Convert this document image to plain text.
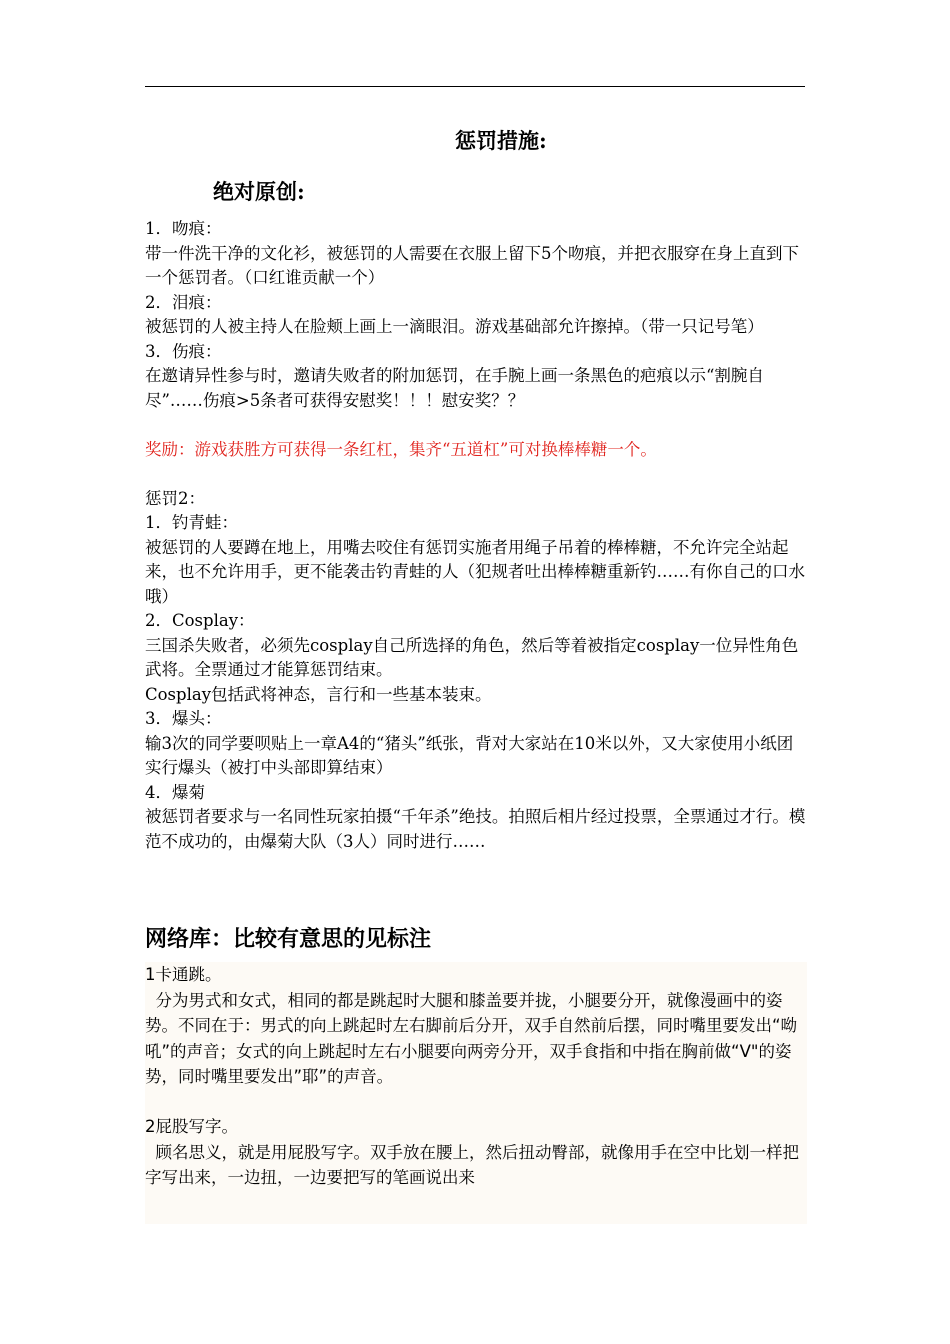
惩罚措施:
绝对原创:

1．吻痕：

带一件洗干净的文化衫，被惩罚的人需要在衣服上留下5个吻痕，并把衣服穿在身上直到下一个惩罚者。（口红谁贡献一个）

2．泪痕：

被惩罚的人被主持人在脸颊上画上一滴眼泪。游戏基础部允许擦掉。（带一只记号笔）

3．伤痕：

在邀请异性参与时，邀请失败者的附加惩罚，在手腕上画一条黑色的疤痕以示“割腕自尽”……伤痕>5条者可获得安慰奖！！！慰安奖？？

奖励：游戏获胜方可获得一条红杠，集齐“五道杠”可对换棒棒糖一个。

惩罚2：

1．钓青蛙：

被惩罚的人要蹲在地上，用嘴去咬住有惩罚实施者用绳子吊着的棒棒糖，不允许完全站起来，也不允许用手，更不能袭击钓青蛙的人（犯规者吐出棒棒糖重新钓……有你自己的口水哦）

2．Cosplay：

三国杀失败者，必须先cosplay自己所选择的角色，然后等着被指定cosplay一位异性角色武将。全票通过才能算惩罚结束。

Cosplay包括武将神态，言行和一些基本装束。

3．爆头：

输3次的同学要呗贴上一章A4的“猪头”纸张，背对大家站在10米以外，又大家使用小纸团实行爆头（被打中头部即算结束）

4．爆菊

被惩罚者要求与一名同性玩家拍摄“千年杀”绝技。拍照后相片经过投票，全票通过才行。模范不成功的，由爆菊大队（3人）同时进行……

网络库：比较有意思的见标注

1卡通跳。

分为男式和女式，相同的都是跳起时大腿和膝盖要并拢，小腿要分开，就像漫画中的姿势。不同在于：男式的向上跳起时左右脚前后分开，双手自然前后摆，同时嘴里要发出“呦吼”的声音；女式的向上跳起时左右小腿要向两旁分开，双手食指和中指在胸前做“V"的姿势，同时嘴里要发出”耶”的声音。

2屁股写字。

顾名思义，就是用屁股写字。双手放在腰上，然后扭动臀部，就像用手在空中比划一样把字写出来，一边扭，一边要把写的笔画说出来
